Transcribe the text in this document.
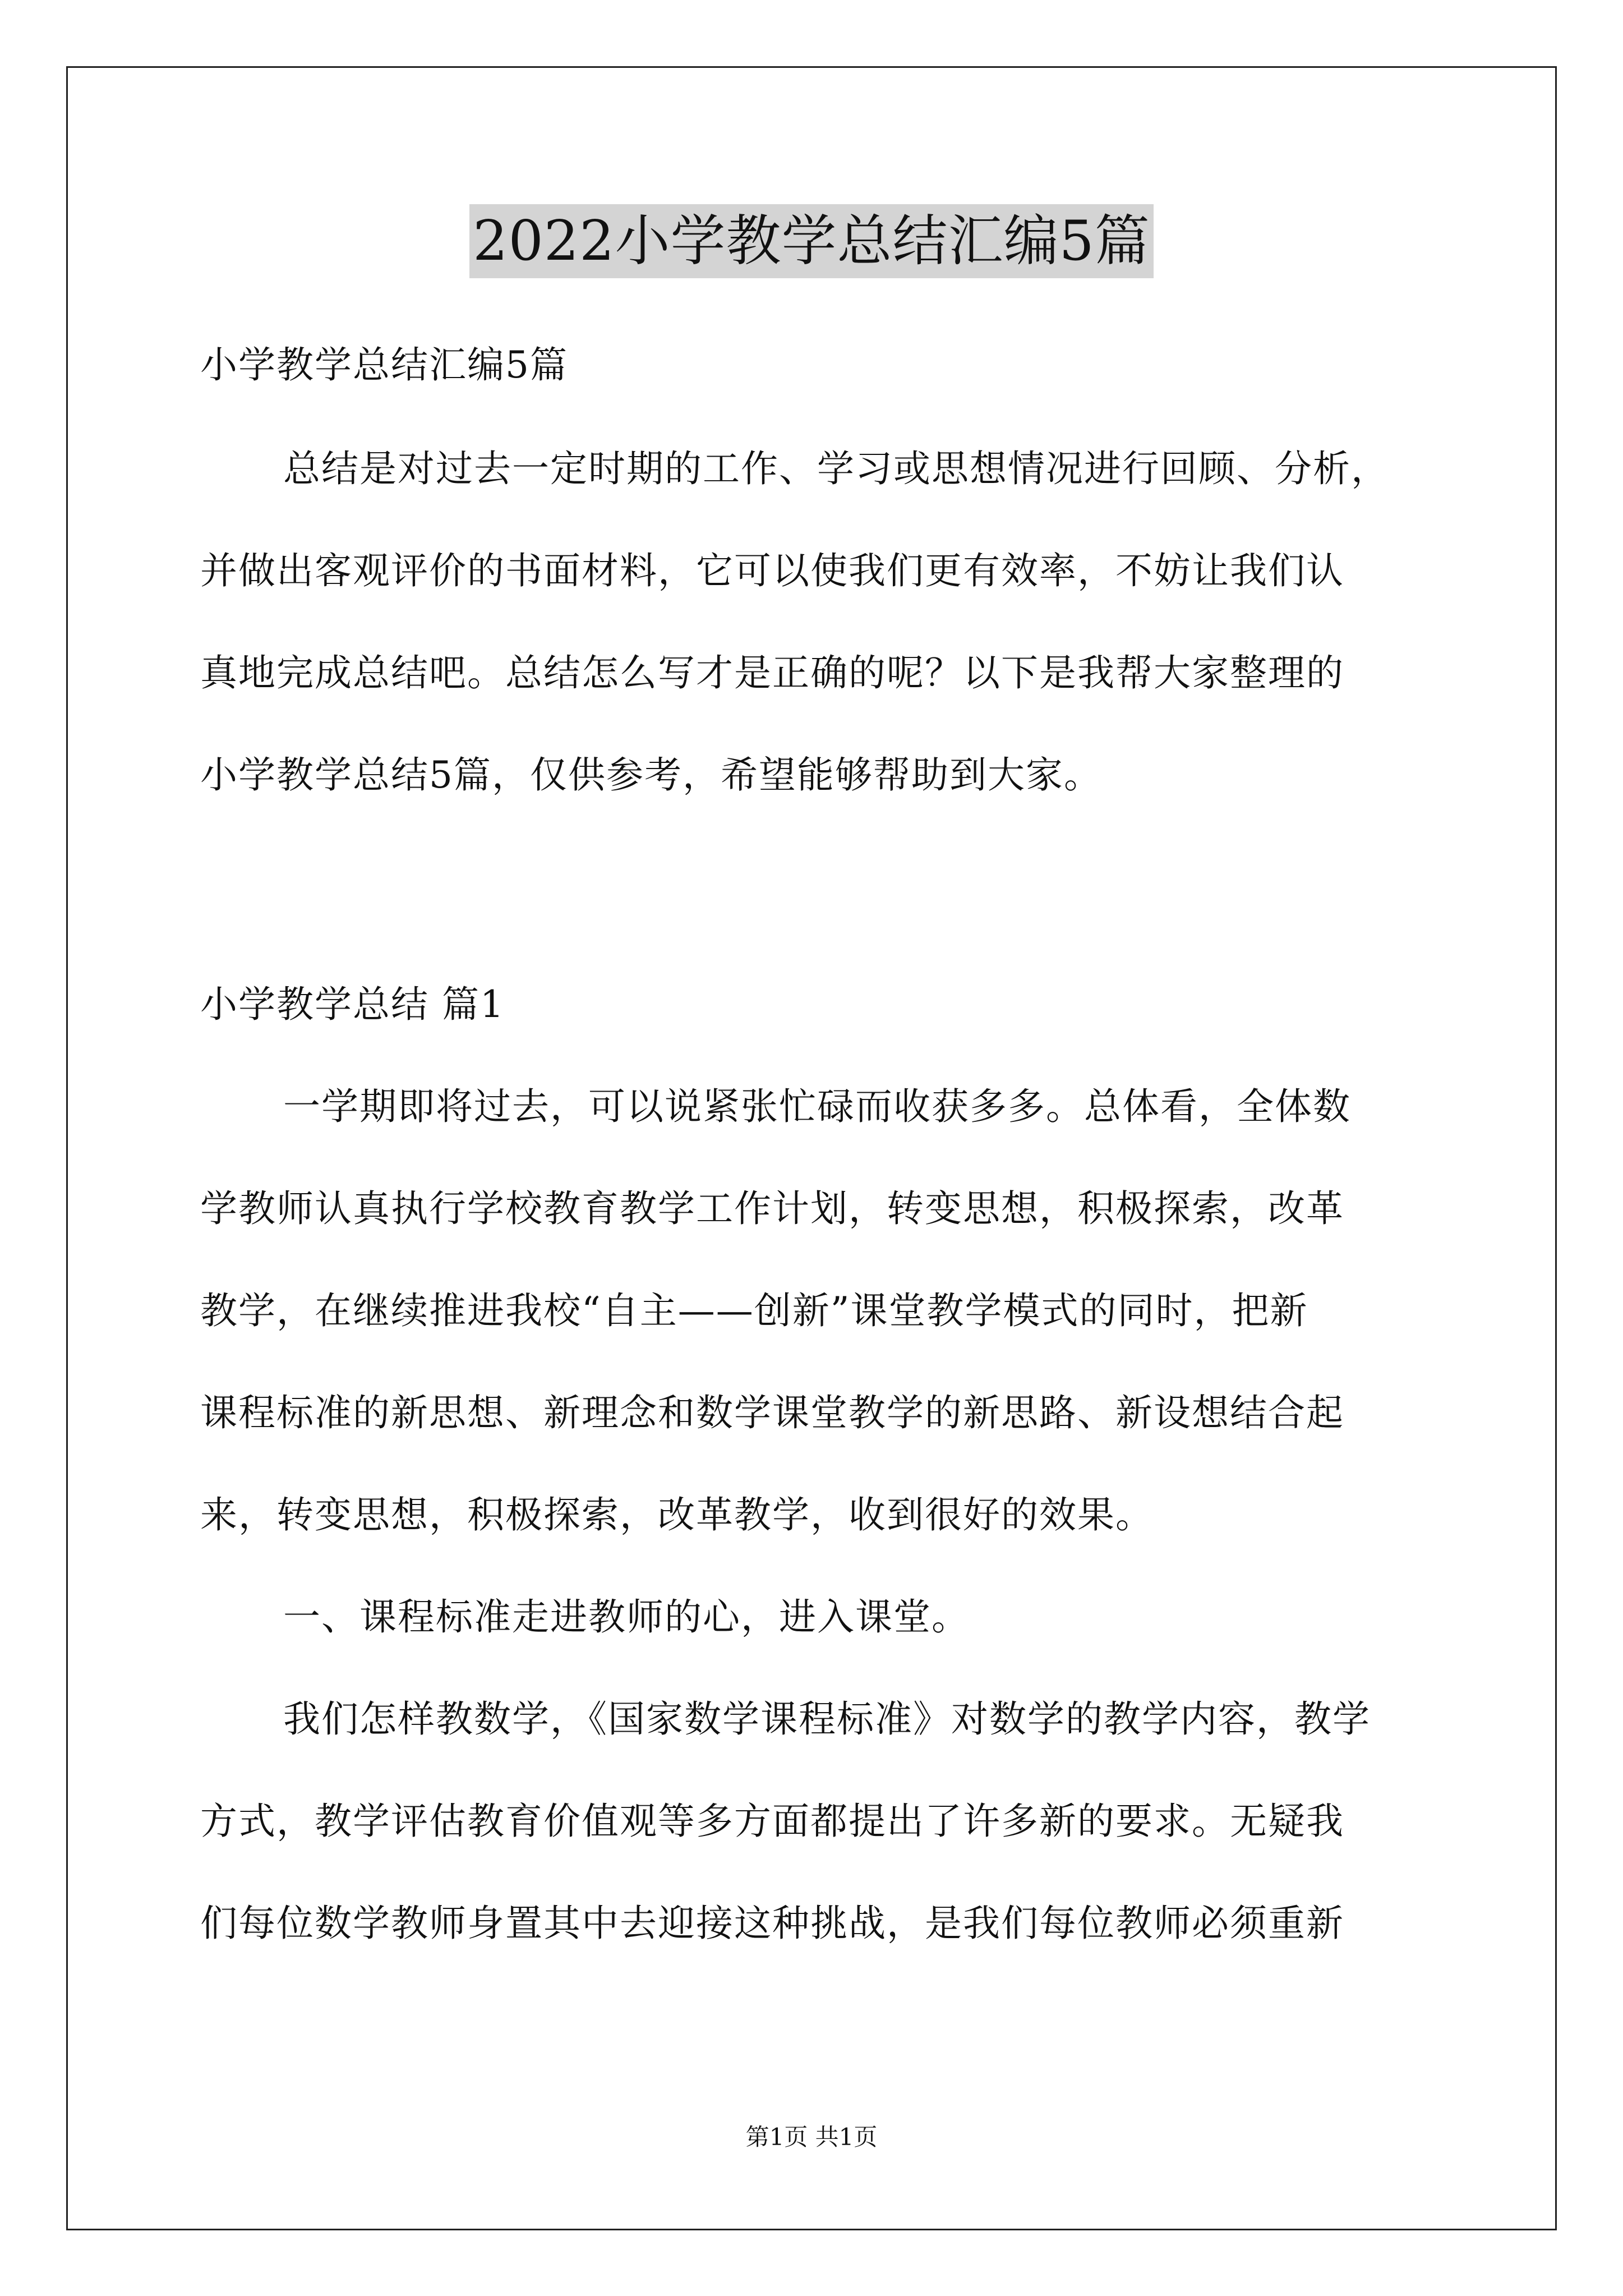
2022小学教学总结汇编5篇
小学教学总结汇编5篇
总结是对过去一定时期的工作、学习或思想情况进行回顾、分析，
并做出客观评价的书面材料，它可以使我们更有效率，不妨让我们认
真地完成总结吧。总结怎么写才是正确的呢？以下是我帮大家整理的
小学教学总结5篇，仅供参考，希望能够帮助到大家。
小学教学总结 篇1
一学期即将过去，可以说紧张忙碌而收获多多。总体看，全体数
学教师认真执行学校教育教学工作计划，转变思想，积极探索，改革
教学，在继续推进我校“自主——创新”课堂教学模式的同时，把新
课程标准的新思想、新理念和数学课堂教学的新思路、新设想结合起
来，转变思想，积极探索，改革教学，收到很好的效果。
一、课程标准走进教师的心，进入课堂。
我们怎样教数学，《国家数学课程标准》对数学的教学内容，教学
方式，教学评估教育价值观等多方面都提出了许多新的要求。无疑我
们每位数学教师身置其中去迎接这种挑战，是我们每位教师必须重新
第1页 共1页
